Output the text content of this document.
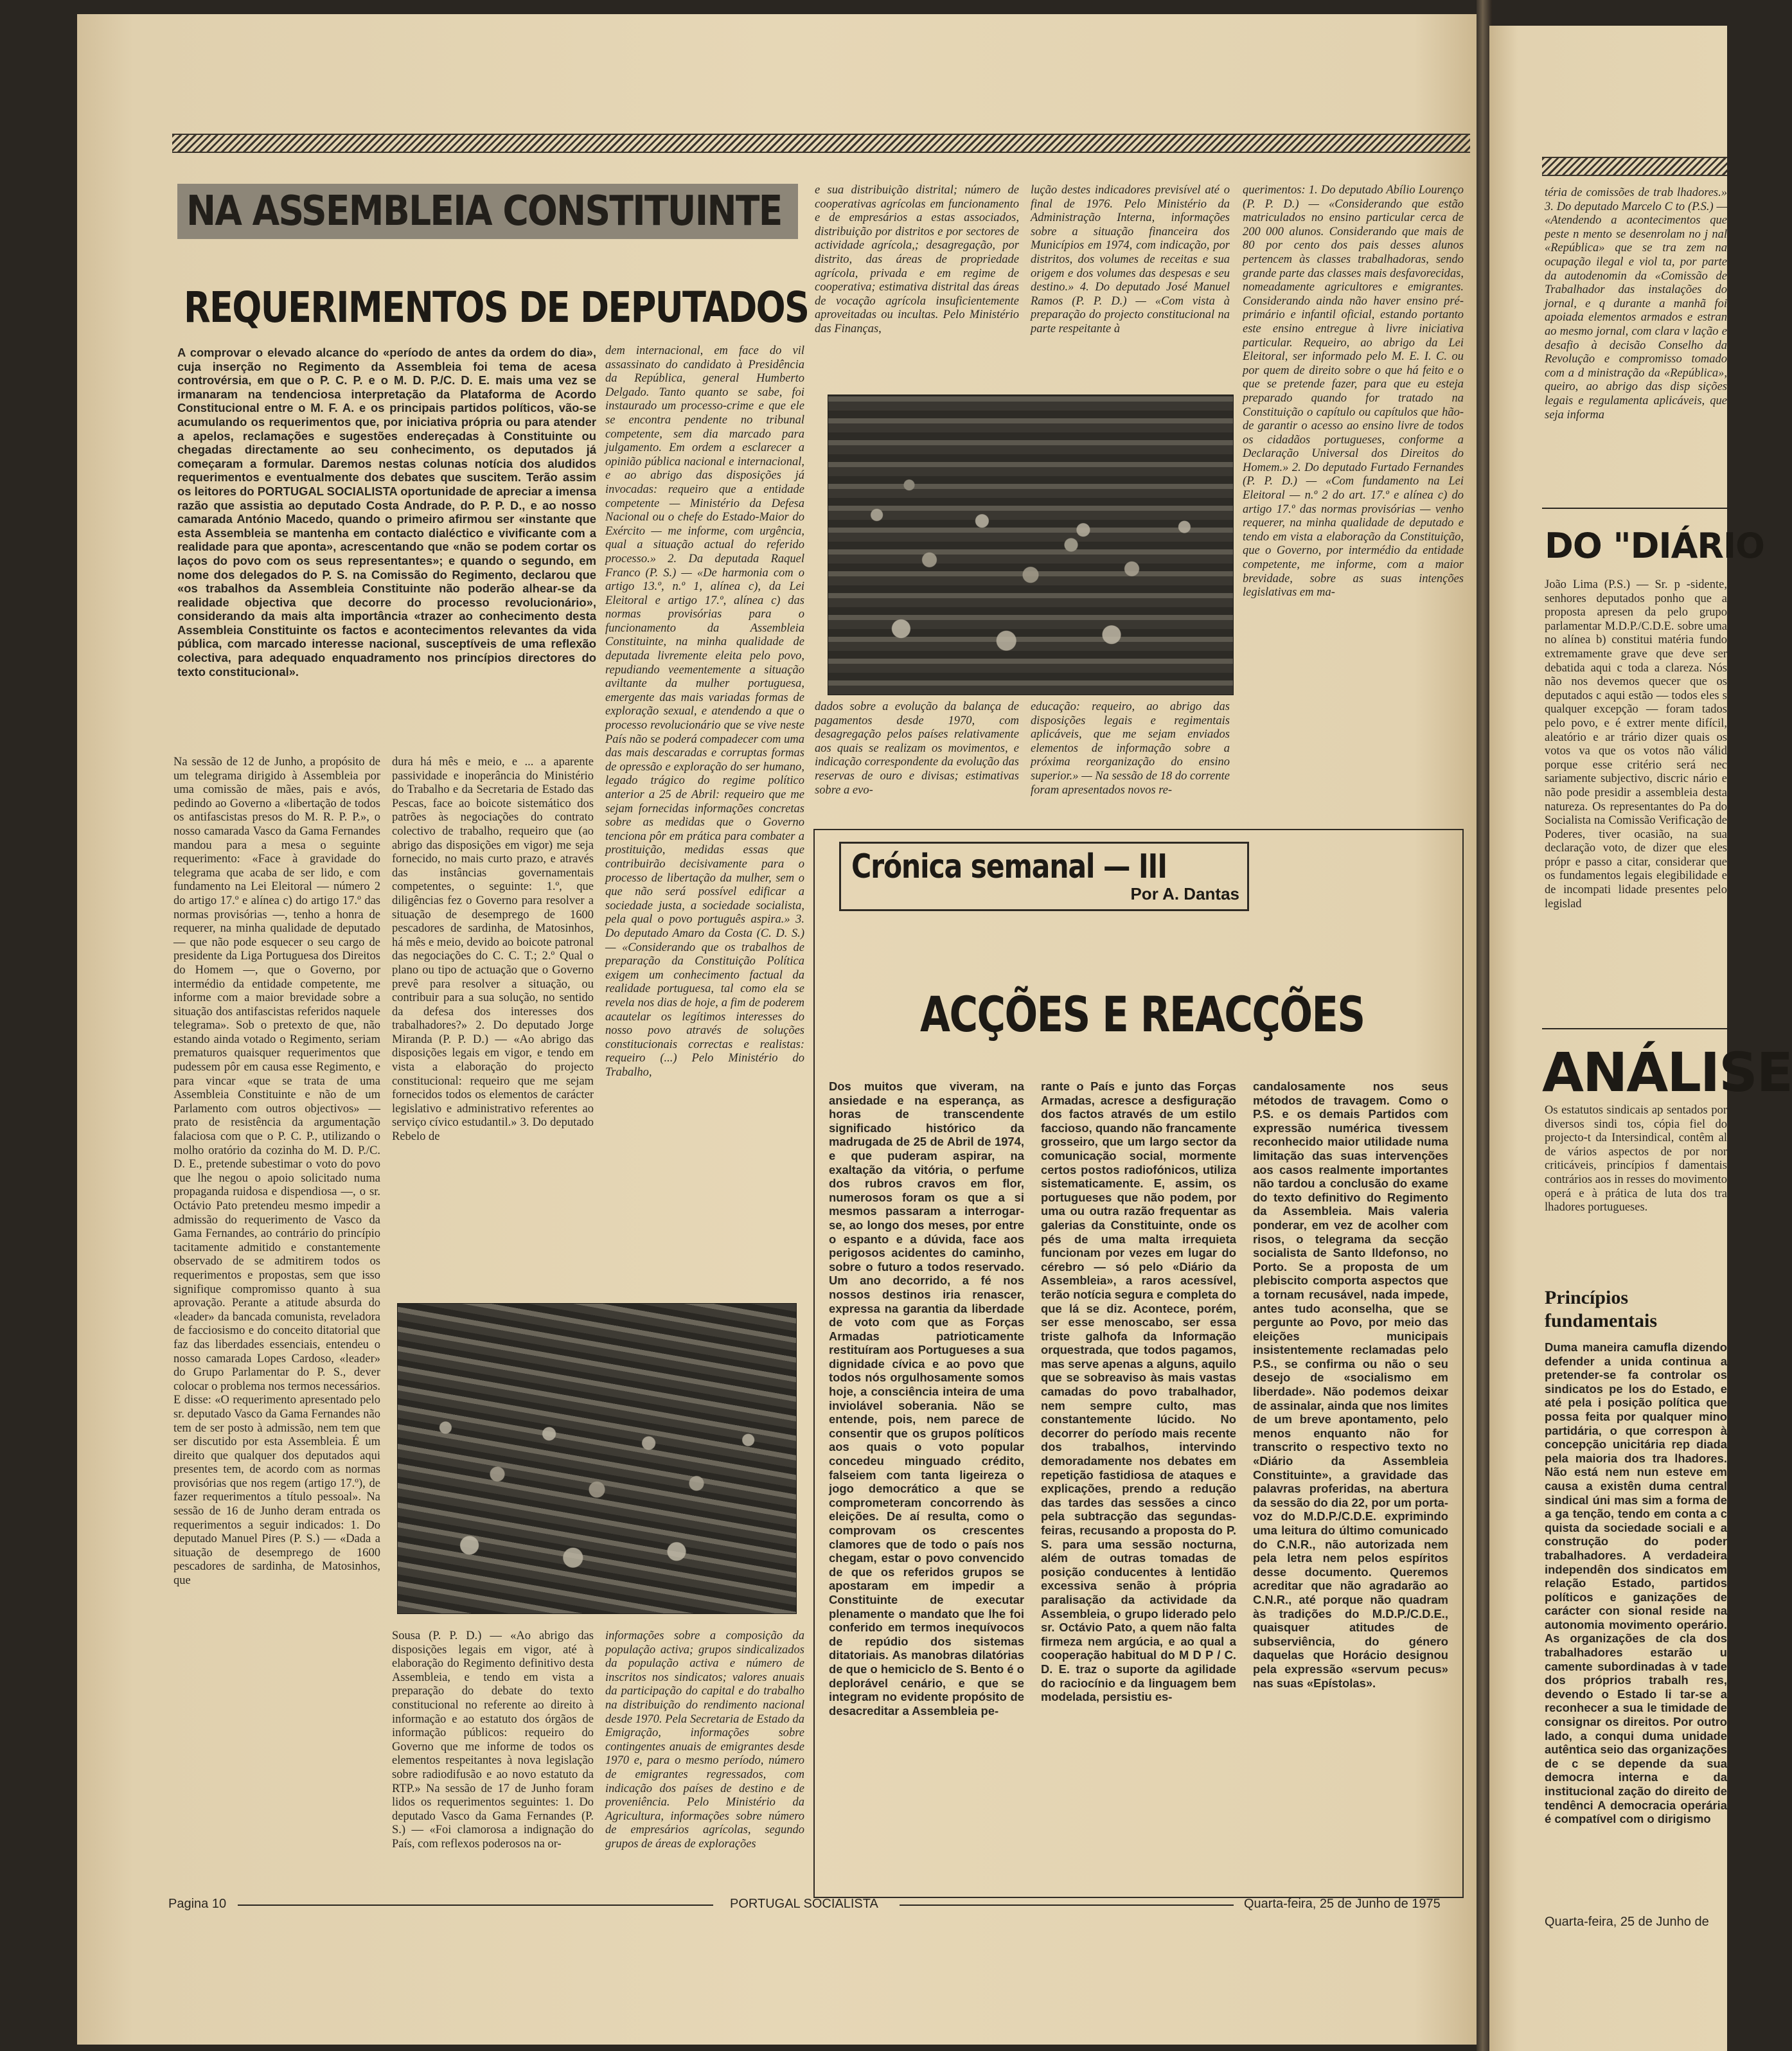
NA ASSEMBLEIA CONSTITUINTE
REQUERIMENTOS DE DEPUTADOS
A comprovar o elevado alcance do «período de antes da ordem do dia», cuja inserção no Regimento da Assembleia foi tema de acesa controvérsia, em que o P. C. P. e o M. D. P./C. D. E. mais uma vez se irmanaram na tendenciosa interpretação da Plataforma de Acordo Constitucional entre o M. F. A. e os principais partidos políticos, vão-se acumulando os requerimentos que, por iniciativa própria ou para atender a apelos, reclamações e sugestões endereçadas à Constituinte ou chegadas directamente ao seu conhecimento, os deputados já começaram a formular. Daremos nestas colunas notícia dos aludidos requerimentos e eventualmente dos debates que suscitem. Terão assim os leitores do PORTUGAL SOCIALISTA oportunidade de apreciar a imensa razão que assistia ao deputado Costa Andrade, do P. P. D., e ao nosso camarada António Macedo, quando o primeiro afirmou ser «instante que esta Assembleia se mantenha em contacto dialéctico e vivificante com a realidade para que aponta», acrescentando que «não se podem cortar os laços do povo com os seus representantes»; e quando o segundo, em nome dos delegados do P. S. na Comissão do Regimento, declarou que «os trabalhos da Assembleia Constituinte não poderão alhear-se da realidade objectiva que decorre do processo revolucionário», considerando da mais alta importância «trazer ao conhecimento desta Assembleia Constituinte os factos e acontecimentos relevantes da vida pública, com marcado interesse nacional, susceptíveis de uma reflexão colectiva, para adequado enquadramento nos princípios directores do texto constitucional».

Na sessão de 12 de Junho, a propósito de um telegrama dirigido à Assembleia por uma comissão de mães, pais e avós, pedindo ao Governo a «libertação de todos os antifascistas presos do M. R. P. P.», o nosso camarada Vasco da Gama Fernandes mandou para a mesa o seguinte requerimento: «Face à gravidade do telegrama que acaba de ser lido, e com fundamento na Lei Eleitoral — número 2 do artigo 17.º e alínea c) do artigo 17.º das normas provisórias —, tenho a honra de requerer, na minha qualidade de deputado — que não pode esquecer o seu cargo de presidente da Liga Portuguesa dos Direitos do Homem —, que o Governo, por intermédio da entidade competente, me informe com a maior brevidade sobre a situação dos antifascistas referidos naquele telegrama». Sob o pretexto de que, não estando ainda votado o Regimento, seriam prematuros quaisquer requerimentos que pudessem pôr em causa esse Regimento, e para vincar «que se trata de uma Assembleia Constituinte e não de um Parlamento com outros objectivos» — prato de resistência da argumentação falaciosa com que o P. C. P., utilizando o molho oratório da cozinha do M. D. P./C. D. E., pretende subestimar o voto do povo que lhe negou o apoio solicitado numa propaganda ruidosa e dispendiosa —, o sr. Octávio Pato pretendeu mesmo impedir a admissão do requerimento de Vasco da Gama Fernandes, ao contrário do princípio tacitamente admitido e constantemente observado de se admitirem todos os requerimentos e propostas, sem que isso signifique compromisso quanto à sua aprovação. Perante a atitude absurda do «leader» da bancada comunista, reveladora de facciosismo e do conceito ditatorial que faz das liberdades essenciais, entendeu o nosso camarada Lopes Cardoso, «leader» do Grupo Parlamentar do P. S., dever colocar o problema nos termos necessários. E disse: «O requerimento apresentado pelo sr. deputado Vasco da Gama Fernandes não tem de ser posto à admissão, nem tem que ser discutido por esta Assembleia. É um direito que qualquer dos deputados aqui presentes tem, de acordo com as normas provisórias que nos regem (artigo 17.º), de fazer requerimentos a título pessoal». Na sessão de 16 de Junho deram entrada os requerimentos a seguir indicados: 1. Do deputado Manuel Pires (P. S.) — «Dada a situação de desemprego de 1600 pescadores de sardinha, de Matosinhos, que

dura há mês e meio, e ... a aparente passividade e inoperância do Ministério do Trabalho e da Secretaria de Estado das Pescas, face ao boicote sistemático dos patrões às negociações do contrato colectivo de trabalho, requeiro que (ao abrigo das disposições em vigor) me seja fornecido, no mais curto prazo, e através das instâncias governamentais competentes, o seguinte: 1.º, que diligências fez o Governo para resolver a situação de desemprego de 1600 pescadores de sardinha, de Matosinhos, há mês e meio, devido ao boicote patronal das negociações do C. C. T.; 2.º Qual o plano ou tipo de actuação que o Governo prevê para resolver a situação, ou contribuir para a sua solução, no sentido da defesa dos interesses dos trabalhadores?» 2. Do deputado Jorge Miranda (P. P. D.) — «Ao abrigo das disposições legais em vigor, e tendo em vista a elaboração do projecto constitucional: requeiro que me sejam fornecidos todos os elementos de carácter legislativo e administrativo referentes ao serviço cívico estudantil.» 3. Do deputado Rebelo de

Sousa (P. P. D.) — «Ao abrigo das disposições legais em vigor, até à elaboração do Regimento definitivo desta Assembleia, e tendo em vista a preparação do debate do texto constitucional no referente ao direito à informação e ao estatuto dos órgãos de informação públicos: requeiro do Governo que me informe de todos os elementos respeitantes à nova legislação sobre radiodifusão e ao novo estatuto da RTP.» Na sessão de 17 de Junho foram lidos os requerimentos seguintes: 1. Do deputado Vasco da Gama Fernandes (P. S.) — «Foi clamorosa a indignação do País, com reflexos poderosos na or-

dem internacional, em face do vil assassinato do candidato à Presidência da República, general Humberto Delgado. Tanto quanto se sabe, foi instaurado um processo-crime e que ele se encontra pendente no tribunal competente, sem dia marcado para julgamento. Em ordem a esclarecer a opinião pública nacional e internacional, e ao abrigo das disposições já invocadas: requeiro que a entidade competente — Ministério da Defesa Nacional ou o chefe do Estado-Maior do Exército — me informe, com urgência, qual a situação actual do referido processo.» 2. Da deputada Raquel Franco (P. S.) — «De harmonia com o artigo 13.º, n.º 1, alínea c), da Lei Eleitoral e artigo 17.º, alínea c) das normas provisórias para o funcionamento da Assembleia Constituinte, na minha qualidade de deputada livremente eleita pelo povo, repudiando veementemente a situação aviltante da mulher portuguesa, emergente das mais variadas formas de exploração sexual, e atendendo a que o processo revolucionário que se vive neste País não se poderá compadecer com uma das mais descaradas e corruptas formas de opressão e exploração do ser humano, legado trágico do regime político anterior a 25 de Abril: requeiro que me sejam fornecidas informações concretas sobre as medidas que o Governo tenciona pôr em prática para combater a prostituição, medidas essas que contribuirão decisivamente para o processo de libertação da mulher, sem o que não será possível edificar a sociedade justa, a sociedade socialista, pela qual o povo português aspira.» 3. Do deputado Amaro da Costa (C. D. S.) — «Considerando que os trabalhos de preparação da Constituição Política exigem um conhecimento factual da realidade portuguesa, tal como ela se revela nos dias de hoje, a fim de poderem acautelar os legítimos interesses do nosso povo através de soluções constitucionais correctas e realistas: requeiro (...) Pelo Ministério do Trabalho,

informações sobre a composição da população activa; grupos sindicalizados da população activa e número de inscritos nos sindicatos; valores anuais da participação do capital e do trabalho na distribuição do rendimento nacional desde 1970. Pela Secretaria de Estado da Emigração, informações sobre contingentes anuais de emigrantes desde 1970 e, para o mesmo período, número de emigrantes regressados, com indicação dos países de destino e de proveniência. Pelo Ministério da Agricultura, informações sobre número de empresários agrícolas, segundo grupos de áreas de explorações

e sua distribuição distrital; número de cooperativas agrícolas em funcionamento e de empresários a estas associados, distribuição por distritos e por sectores de actividade agrícola,; desagregação, por distrito, das áreas de propriedade agrícola, privada e em regime de cooperativa; estimativa distrital das áreas de vocação agrícola insuficientemente aproveitadas ou incultas. Pelo Ministério das Finanças,

lução destes indicadores previsível até o final de 1976. Pelo Ministério da Administração Interna, informações sobre a situação financeira dos Municípios em 1974, com indicação, por distritos, dos volumes de receitas e sua origem e dos volumes das despesas e seu destino.» 4. Do deputado José Manuel Ramos (P. P. D.) — «Com vista à preparação do projecto constitucional na parte respeitante à

dados sobre a evolução da balança de pagamentos desde 1970, com desagregação pelos países relativamente aos quais se realizam os movimentos, e indicação correspondente da evolução das reservas de ouro e divisas; estimativas sobre a evo-

educação: requeiro, ao abrigo das disposições legais e regimentais aplicáveis, que me sejam enviados elementos de informação sobre a próxima reorganização do ensino superior.» — Na sessão de 18 do corrente foram apresentados novos re-

querimentos: 1. Do deputado Abílio Lourenço (P. P. D.) — «Considerando que estão matriculados no ensino particular cerca de 200 000 alunos. Considerando que mais de 80 por cento dos pais desses alunos pertencem às classes trabalhadoras, sendo grande parte das classes mais desfavorecidas, nomeadamente agricultores e emigrantes. Considerando ainda não haver ensino pré-primário e infantil oficial, estando portanto este ensino entregue à livre iniciativa particular. Requeiro, ao abrigo da Lei Eleitoral, ser informado pelo M. E. I. C. ou por quem de direito sobre o que há feito e o que se pretende fazer, para que eu esteja preparado quando for tratado na Constituição o capítulo ou capítulos que hão-de garantir o acesso ao ensino livre de todos os cidadãos portugueses, conforme a Declaração Universal dos Direitos do Homem.» 2. Do deputado Furtado Fernandes (P. P. D.) — «Com fundamento na Lei Eleitoral — n.º 2 do art. 17.º e alínea c) do artigo 17.º das normas provisórias — venho requerer, na minha qualidade de deputado e tendo em vista a elaboração da Constituição, que o Governo, por intermédio da entidade competente, me informe, com a maior brevidade, sobre as suas intenções legislativas em ma-

Crónica semanal — III
Por A. Dantas
ACÇÕES E REACÇÕES

Dos muitos que viveram, na ansiedade e na esperança, as horas de transcendente significado histórico da madrugada de 25 de Abril de 1974, e que puderam aspirar, na exaltação da vitória, o perfume dos rubros cravos em flor, numerosos foram os que a si mesmos passaram a interrogar-se, ao longo dos meses, por entre o espanto e a dúvida, face aos perigosos acidentes do caminho, sobre o futuro a todos reservado. Um ano decorrido, a fé nos nossos destinos iria renascer, expressa na garantia da liberdade de voto com que as Forças Armadas patrioticamente restituíram aos Portugueses a sua dignidade cívica e ao povo que todos nós orgulhosamente somos hoje, a consciência inteira de uma inviolável soberania. Não se entende, pois, nem parece de consentir que os grupos políticos aos quais o voto popular concedeu minguado crédito, falseiem com tanta ligeireza o jogo democrático a que se comprometeram concorrendo às eleições. De aí resulta, como o comprovam os crescentes clamores que de todo o país nos chegam, estar o povo convencido de que os referidos grupos se apostaram em impedir a Constituinte de executar plenamente o mandato que lhe foi conferido em termos inequívocos de repúdio dos sistemas ditatoriais. As manobras dilatórias de que o hemiciclo de S. Bento é o deplorável cenário, e que se integram no evidente propósito de desacreditar a Assembleia pe-

rante o País e junto das Forças Armadas, acresce a desfiguração dos factos através de um estilo faccioso, quando não francamente grosseiro, que um largo sector da comunicação social, mormente certos postos radiofónicos, utiliza sistematicamente. E, assim, os portugueses que não podem, por uma ou outra razão frequentar as galerias da Constituinte, onde os pés de uma malta irrequieta funcionam por vezes em lugar do cérebro — só pelo «Diário da Assembleia», a raros acessível, terão notícia segura e completa do que lá se diz. Acontece, porém, ser esse menoscabo, ser essa triste galhofa da Informação orquestrada, que todos pagamos, mas serve apenas a alguns, aquilo que se sobreaviso às mais vastas camadas do povo trabalhador, nem sempre culto, mas constantemente lúcido. No decorrer do período mais recente dos trabalhos, intervindo demoradamente nos debates em repetição fastidiosa de ataques e explicações, prendo a redução das tardes das sessões a cinco pela subtracção das segundas-feiras, recusando a proposta do P. S. para uma sessão nocturna, além de outras tomadas de posição conducentes à lentidão excessiva senão à própria paralisação da actividade da Assembleia, o grupo liderado pelo sr. Octávio Pato, a quem não falta firmeza nem argúcia, e ao qual a cooperação habitual do M D P / C. D. E. traz o suporte da agilidade do raciocínio e da linguagem bem modelada, persistiu es-

candalosamente nos seus métodos de travagem. Como o P.S. e os demais Partidos com expressão numérica tivessem reconhecido maior utilidade numa limitação das suas intervenções aos casos realmente importantes não tardou a conclusão do exame do texto definitivo do Regimento da Assembleia. Mais valeria ponderar, em vez de acolher com risos, o telegrama da secção socialista de Santo Ildefonso, no Porto. Se a proposta de um plebiscito comporta aspectos que a tornam recusável, nada impede, antes tudo aconselha, que se pergunte ao Povo, por meio das eleições municipais insistentemente reclamadas pelo P.S., se confirma ou não o seu desejo de «socialismo em liberdade». Não podemos deixar de assinalar, ainda que nos limites de um breve apontamento, pelo menos enquanto não for transcrito o respectivo texto no «Diário da Assembleia Constituinte», a gravidade das palavras proferidas, na abertura da sessão do dia 22, por um porta-voz do M.D.P./C.D.E. exprimindo uma leitura do último comunicado do C.N.R., não autorizada nem pela letra nem pelos espíritos desse documento. Queremos acreditar que não agradarão ao C.N.R., até porque não quadram às tradições do M.D.P./C.D.E., quaisquer atitudes de subserviência, do género daquelas que Horácio designou pela expressão «servum pecus» nas suas «Epístolas».

Pagina 10	PORTUGAL SOCIALISTA	Quarta-feira, 25 de Junho de 1975

téria de comissões de trab lhadores.» 3. Do deputado Marcelo C to (P.S.) — «Atendendo a acontecimentos que peste n mento se desenrolam no j nal «República» que se tra zem na ocupação ilegal e viol ta, por parte da autodenomin da «Comissão de Trabalhador das instalações do jornal, e q durante a manhã foi apoiada elementos armados e estran ao mesmo jornal, com clara v lação e desafio à decisão Conselho da Revolução e compromisso tomado com a d ministração da «República», queiro, ao abrigo das disp sições legais e regulamenta aplicáveis, que seja informa

DO "DIÁRIO

João Lima (P.S.) — Sr. p -sidente, senhores deputados ponho que a proposta apresen da pelo grupo parlamentar M.D.P./C.D.E. sobre uma no alínea b) constitui matéria fundo extremamente grave que deve ser debatida aqui c toda a clareza. Nós não nos devemos quecer que os deputados c aqui estão — todos eles s qualquer excepção — foram tados pelo povo, e é extrer mente difícil, aleatório e ar trário dizer quais os votos va que os votos não válid porque esse critério será nec sariamente subjectivo, discric nário e não pode presidir a assembleia desta natureza. Os representantes do Pa do Socialista na Comissão Verificação de Poderes, tiver ocasião, na sua declaração voto, de dizer que eles própr e passo a citar, considerar que os fundamentos legais elegibilidade e de incompati lidade presentes pelo legislad

ANÁLISE

Os estatutos sindicais ap sentados por diversos sindi tos, cópia fiel do projecto-t da Intersindical, contêm al de vários aspectos de por nor criticáveis, princípios f damentais contrários aos in resses do movimento operá e à prática de luta dos tra lhadores portugueses.

Princípios fundamentais

Duma maneira camufla dizendo defender a unida continua a pretender-se fa controlar os sindicatos pe los do Estado, e até pela i posição política que possa feita por qualquer mino partidária, o que correspon à concepção unicitária rep diada pela maioria dos tra lhadores. Não está nem nun esteve em causa a existên duma central sindical úni mas sim a forma de a ga tenção, tendo em conta a c quista da sociedade sociali e a construção do poder trabalhadores. A verdadeira independên dos sindicatos em relação Estado, partidos políticos e ganizações de carácter con sional reside na autonomia movimento operário. As organizações de cla dos trabalhadores estarão u camente subordinadas à v tade dos próprios trabalh res, devendo o Estado li tar-se a reconhecer a sua le timidade de consignar os direitos. Por outro lado, a conqui duma unidade autêntica seio das organizações de c se depende da sua democra interna e da institucional zação do direito de tendênci A democracia operária é compatível com o dirigismo

Quarta-feira, 25 de Junho de
